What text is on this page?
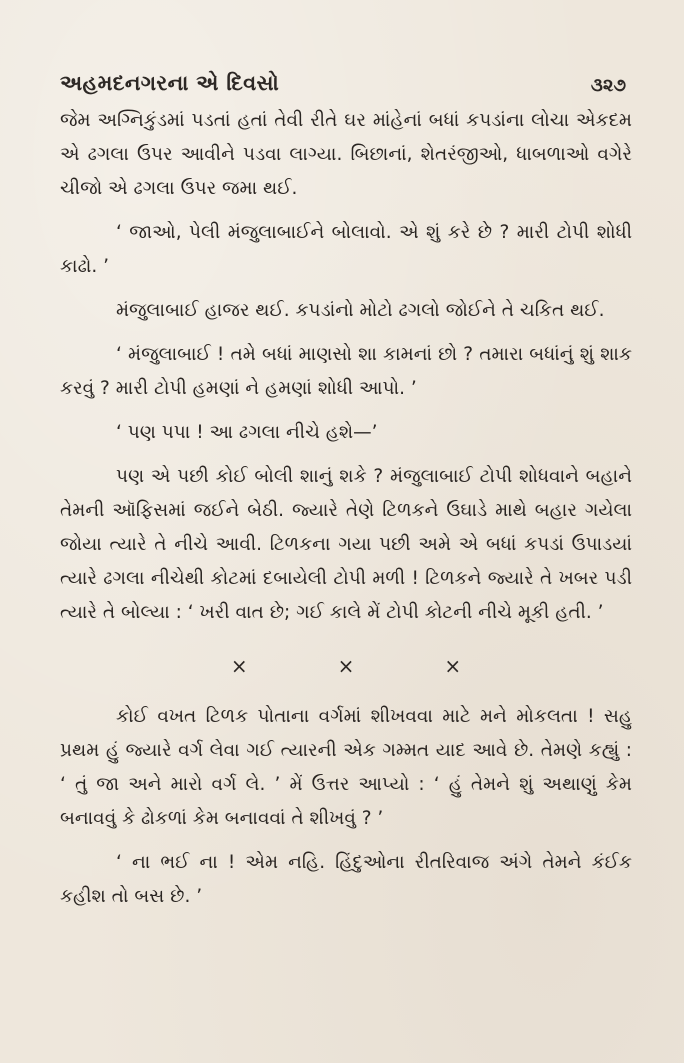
અહમદનગરના એ દિવસો	૩૨૭

જેમ અગ્નિકુંડમાં પડતાં હતાં તેવી રીતે ઘર માંહેનાં બધાં કપડાંના લોચા એકદમ એ ઢગલા ઉપર આવીને પડવા લાગ્યા. બિછાનાં, શેતરંજીઓ, ધાબળાઓ વગેરે ચીજો એ ઢગલા ઉપર જમા થઈ.

‘ જાઓ, પેલી મંજુલાબાઈને બોલાવો. એ શું કરે છે ? મારી ટોપી શોધી કાઢો. ’

મંજુલાબાઈ હાજર થઈ. કપડાંનો મોટો ઢગલો જોઈને તે ચકિત થઈ.

‘ મંજુલાબાઈ ! તમે બધાં માણસો શા કામનાં છો ? તમારા બધાંનું શું શાક કરવું ? મારી ટોપી હમણાં ને હમણાં શોધી આપો. ’

‘ પણ પપા ! આ ઢગલા નીચે હશે—’

પણ એ પછી કોઈ બોલી શાનું શકે ? મંજુલાબાઈ ટોપી શોધવાને બહાને તેમની ઑફિસમાં જઈને બેઠી. જ્યારે તેણે ટિળકને ઉઘાડે માથે બહાર ગયેલા જોયા ત્યારે તે નીચે આવી. ટિળકના ગયા પછી અમે એ બધાં કપડાં ઉપાડયાં ત્યારે ઢગલા નીચેથી કોટમાં દબાયેલી ટોપી મળી ! ટિળકને જ્યારે તે ખબર પડી ત્યારે તે બોલ્યા : ‘ ખરી વાત છે; ગઈ કાલે મેં ટોપી કોટની નીચે મૂકી હતી. ’

×	×	×

કોઈ વખત ટિળક પોતાના વર્ગમાં શીખવવા માટે મને મોકલતા ! સહુ પ્રથમ હું જ્યારે વર્ગ લેવા ગઈ ત્યારની એક ગમ્મત યાદ આવે છે. તેમણે કહ્યું : ‘ તું જા અને મારો વર્ગ લે. ’ મેં ઉત્તર આપ્યો : ‘ હું તેમને શું અથાણું કેમ બનાવવું કે ઢોકળાં કેમ બનાવવાં તે શીખવું ? ’

‘ ના ભઈ ના ! એમ નહિ. હિંદુઓના રીતરિવાજ અંગે તેમને કંઈક કહીશ તો બસ છે. ’
